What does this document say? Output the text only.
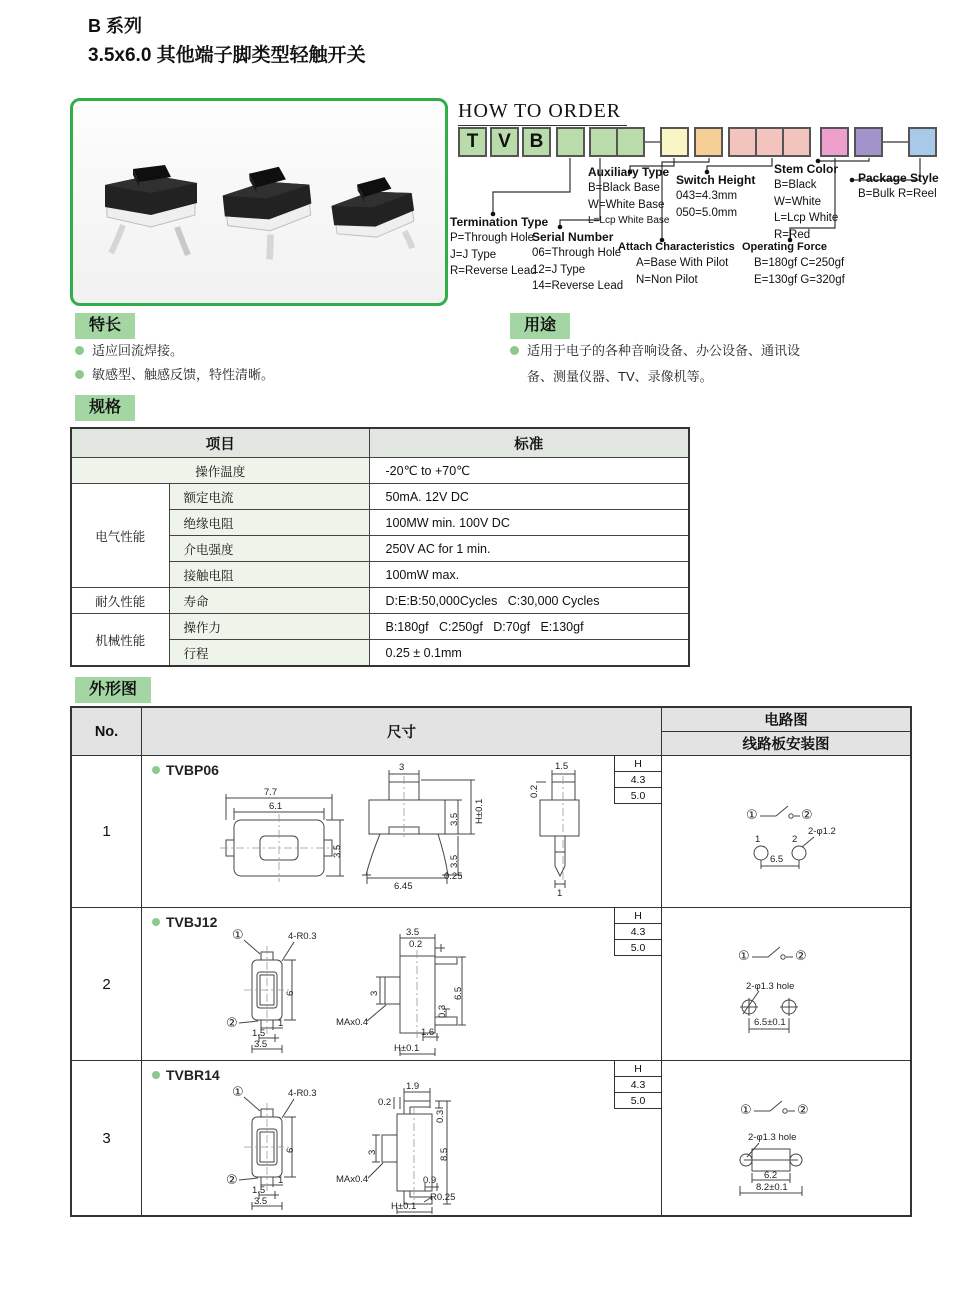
B 系列
3.5x6.0 其他端子脚类型轻触开关
HOW TO ORDER
T	V B
Termination Type
P=Through Hole
J=J Type
R=Reverse Lead
Serial Number
06=Through Hole
12=J Type
14=Reverse Lead
Auxiliary Type
B=Black Base
W=White Base
L=Lcp White Base
Attach Characteristics
A=Base With Pilot
N=Non Pilot
Switch Height
043=4.3mm
050=5.0mm
Operating Force
B=180gf C=250gf
E=130gf G=320gf
Stem Color
B=Black
W=White
L=Lcp White
R=Red
Package Style
B=Bulk R=Reel
特长
适应回流焊接。
敏感型、触感反馈，特性清晰。
用途
适用于电子的各种音响设备、办公设备、通讯设
备、测量仪器、TV、录像机等。
规格
项目		标准
操作温度		-20℃ to +70℃
电气性能	额定电流	50mA. 12V DC
	绝缘电阻	100MW min. 100V DC
	介电强度	250V AC for 1 min.
	接触电阻	100mW max.
耐久性能	寿命	D:E:B:50,000Cycles   C:30,000 Cycles
机械性能	操作力	B:180gf   C:250gf   D:70gf   E:130gf
	行程	0.25 ± 0.1mm
外形图
No.	尺寸
电路图
线路板安装图
1
TVBP06
7.7
6.1
3.5
3
3.5 H±0.1
3.5
6.45
0.25
1.5
0.2
1
H
4.3
5.0
①	②
1	2
6.5
2-φ1.2
2
TVBJ12
①	4-R0.3
6
②	1
1.5
3.5
3.5
0.2
3	6.5
0.3
MAx0.4
1.6
H±0.1
H
4.3
5.0
①	②
2-φ1.3 hole
6.5±0.1
3
TVBR14
①	4-R0.3
6
②	1
1.5
3.5
1.9
0.2
0.3
3	8.5
MAx0.4	0.9
R0.25
H±0.1
H
4.3
5.0
①	②
2-φ1.3 hole
6.2
8.2±0.1
